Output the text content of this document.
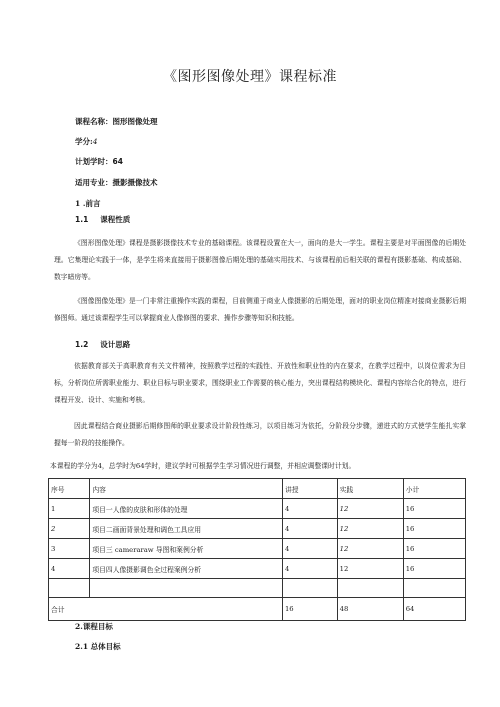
《图形图像处理》课程标准
课程名称：图形图像处理
学分:4
计划学时：64
适用专业：摄影摄像技术
1 .前言
1.1 课程性质
《图形图像处理》课程是摄影摄像技术专业的基础课程。该课程设置在大一，面向的是大一学生。课程主要是对平面图像的后期处理。它集理论实践于一体，是学生将来直接用于摄影图像后期处理的基础实用技术、与该课程前后相关联的课程有摄影基础、构成基础、数字暗房等。
《图像图像处理》是一门非常注重操作实践的课程，目前侧重于商业人像摄影的后期处理，面对的职业岗位精准对接商业摄影后期修图师。通过该课程学生可以掌握商业人像修图的要求、操作步骤等知识和技能。
1.2 设计思路
依据教育部关于高职教育有关文件精神，按照教学过程的实践性、开放性和职业性的内在要求，在教学过程中，以岗位需求为目标，分析岗位所需职业能力、职业目标与职业要求，围绕职业工作需要的核心能力，突出课程结构模块化、课程内容综合化的特点，进行课程开发、设计、实施和考核。
因此课程结合商业摄影后期修图师的职业要求设计阶段性练习，以项目练习为依托，分阶段分步骤，递进式的方式使学生能扎实掌握每一阶段的技能操作。
本课程的学分为4，总学时为64学时，建议学时可根据学生学习情况进行调整，并相应调整课时计划。
序号	内容	讲授	实践	小计
1	项目一人像的皮肤和形体的处理	4	12	16
2	项目二画面背景处理和调色工具应用	4	12	16
3	项目三 cameraraw 导图和案例分析	4	12	16
4	项目四人像摄影调色全过程案例分析	4	12	16

合计		16	48	64
2.课程目标
2.1 总体目标
